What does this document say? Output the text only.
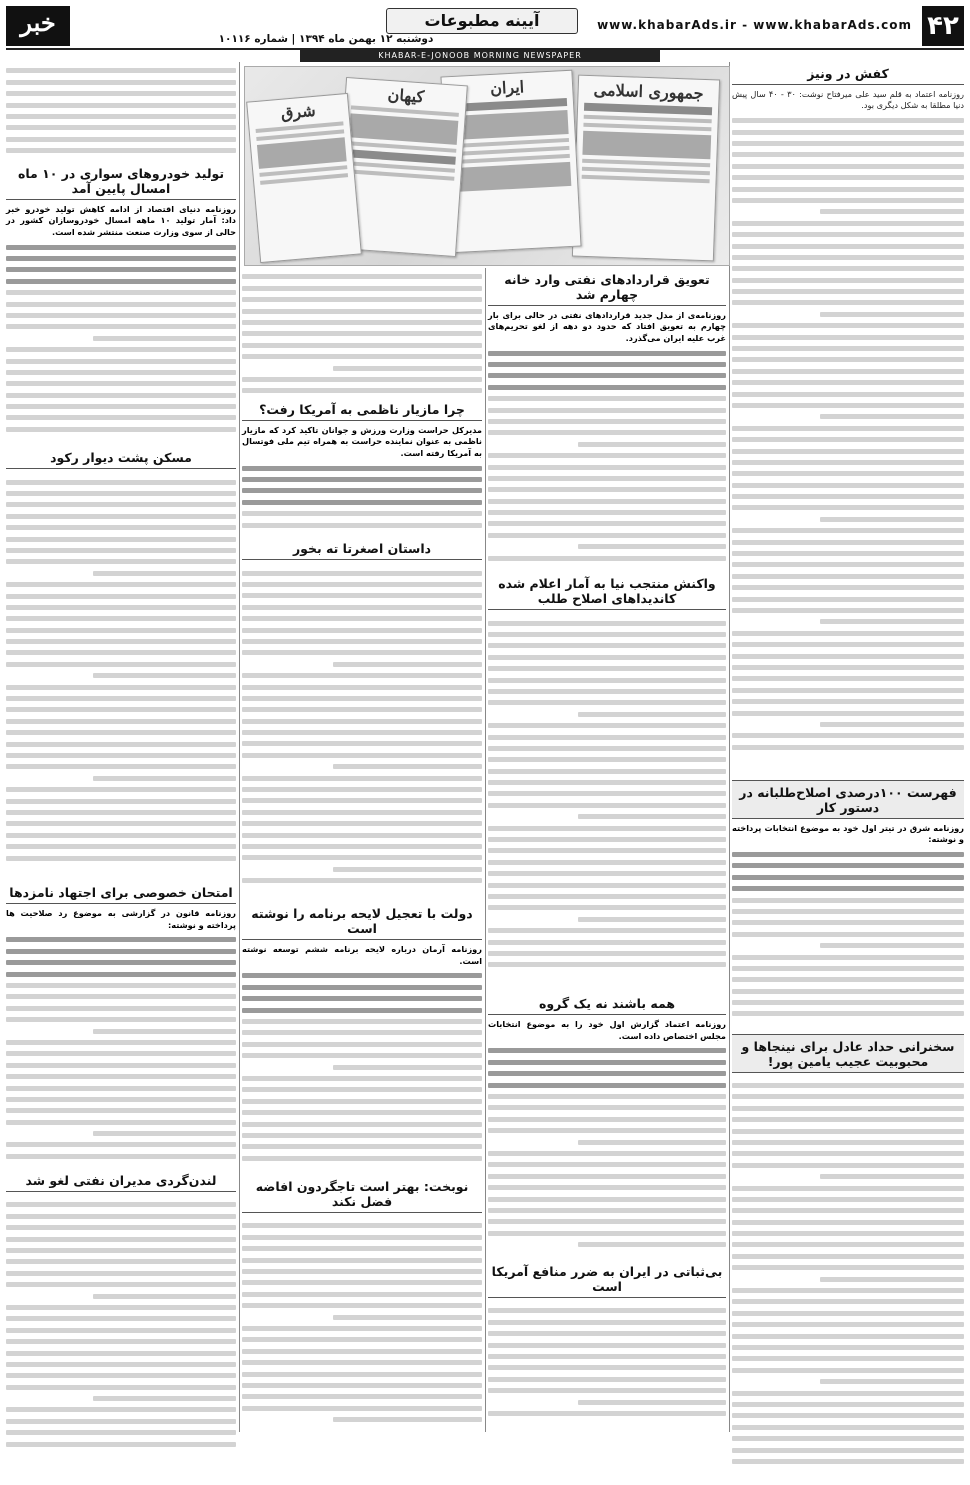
۴۲
www.khabarAds.ir - www.khabarAds.com
آیینه مطبوعات
دوشنبه ۱۲ بهمن ماه ۱۳۹۴ | شماره ۱۰۱۱۶
خبر
جنوب	KHABAR-E-JONOOB MORNING NEWSPAPER
جمهوری اسلامی
ایران
کیهان
شرق
کفش در ونیز

روزنامه اعتماد به قلم سید علی میرفتاح نوشت: ۳۰ - ۴۰ سال پیش دنیا مطلقا به شکل دیگری بود.

فهرست ۱۰۰درصدی اصلاح‌طلبانه در دستور کار

روزنامه شرق در تیتر اول خود به موضوع انتخابات پرداخته و نوشته:

سخنرانی حداد عادل برای نینجاها و محبوبیت عجیب یامین پور!
تعویق قراردادهای نفتی وارد خانه چهارم شد

روزنامه‌ی از مدل جدید قراردادهای نفتی در حالی برای بار چهارم به تعویق افتاد که حدود دو دهه از لغو تحریم‌های غرب علیه ایران می‌گذرد.

واکنش منتجب نیا به آمار اعلام شده کاندیداهای اصلاح طلب
همه باشند نه یک گروه

روزنامه اعتماد گزارش اول خود را به موضوع انتخابات مجلس اختصاص داده است.

بی‌ثباتی در ایران به ضرر منافع آمریکا است
چرا مازیار ناظمی به آمریکا رفت؟

مدیرکل حراست وزارت ورزش و جوانان تاکید کرد که مازیار ناظمی به عنوان نماینده حراست به همراه تیم ملی فوتسال به آمریکا رفته است.

داستان اصغرتا ته بخور
دولت با تعجیل لایحه برنامه را نوشته است

روزنامه آرمان درباره لایحه برنامه ششم توسعه نوشته است.

نوبخت: بهتر است تاجگردون افاضه فضل نکند
تولید خودروهای سواری در ۱۰ ماه امسال پایین آمد

روزنامه دنیای اقتصاد از ادامه کاهش تولید خودرو خبر داد: آمار تولید ۱۰ ماهه امسال خودروسازان کشور در حالی از سوی وزارت صنعت منتشر شده است.

مسکن پشت دیوار رکود
امتحان خصوصی برای اجتهاد نامزدها

روزنامه قانون در گزارشی به موضوع رد صلاحیت ها پرداخته و نوشته:

لندن‌گردی مدیران نفتی لغو شد
